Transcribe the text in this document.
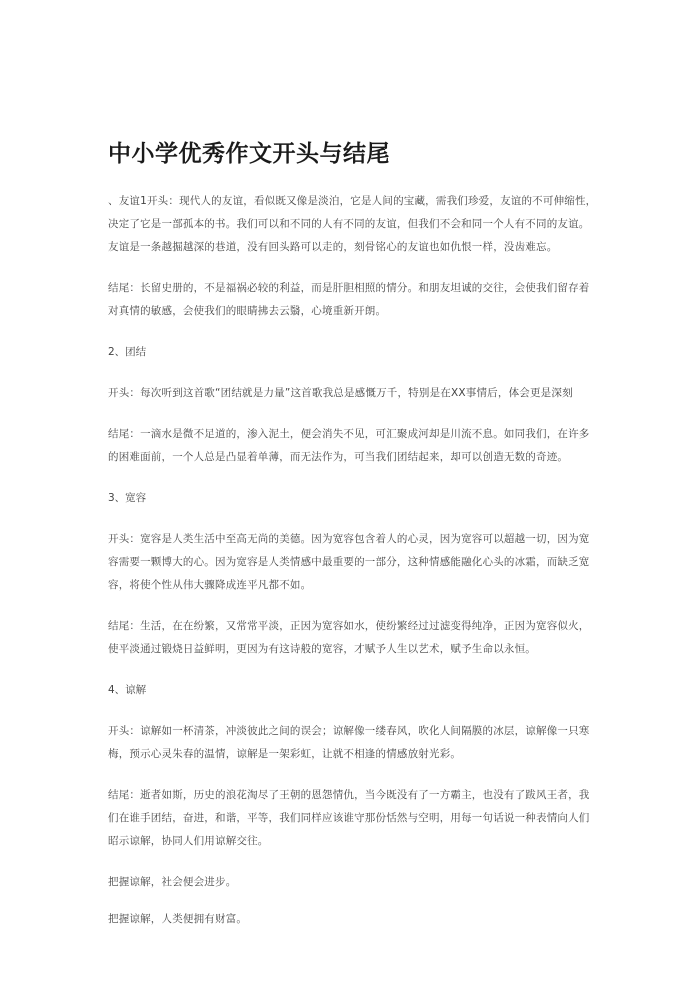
中小学优秀作文开头与结尾

、友谊1开头：现代人的友谊，看似既又像是淡泊，它是人间的宝藏，需我们珍爱，友谊的不可伸缩性，决定了它是一部孤本的书。我们可以和不同的人有不同的友谊，但我们不会和同一个人有不同的友谊。友谊是一条越掘越深的巷道，没有回头路可以走的，刻骨铭心的友谊也如仇恨一样，没齿难忘。

结尾：长留史册的，不是福祸必较的利益，而是肝胆相照的情分。和朋友坦诚的交往，会使我们留存着对真情的敏感，会使我们的眼睛拂去云翳，心境重新开朗。

2、团结

开头：每次听到这首歌“团结就是力量”这首歌我总是感慨万千，特别是在XX事情后，体会更是深刻

结尾：一滴水是微不足道的，渗入泥土，便会消失不见，可汇聚成河却是川流不息。如同我们，在许多的困难面前，一个人总是凸显着单薄，而无法作为，可当我们团结起来，却可以创造无数的奇迹。

3、宽容

开头：宽容是人类生活中至高无尚的美德。因为宽容包含着人的心灵，因为宽容可以超越一切，因为宽容需要一颗博大的心。因为宽容是人类情感中最重要的一部分，这种情感能融化心头的冰霜，而缺乏宽容，将使个性从伟大骤降成连平凡都不如。

结尾：生活，在在纷繁，又常常平淡，正因为宽容如水，使纷繁经过过滤变得纯净，正因为宽容似火，使平淡通过锻烧日益鲜明，更因为有这诗般的宽容，才赋予人生以艺术，赋予生命以永恒。

4、谅解

开头：谅解如一杯清茶，冲淡彼此之间的误会；谅解像一缕春风，吹化人间隔膜的冰层，谅解像一只寒梅，预示心灵朱春的温情，谅解是一架彩虹，让就不相逢的情感放射光彩。

结尾：逝者如斯，历史的浪花淘尽了王朝的恩怨情仇，当今既没有了一方霸主，也没有了跋风王者，我们在谁手团结，奋进，和谐，平等，我们同样应该谁守那份恬然与空明，用每一句话说一种表情向人们昭示谅解，协同人们用谅解交往。

把握谅解，社会便会进步。

把握谅解，人类便拥有财富。
